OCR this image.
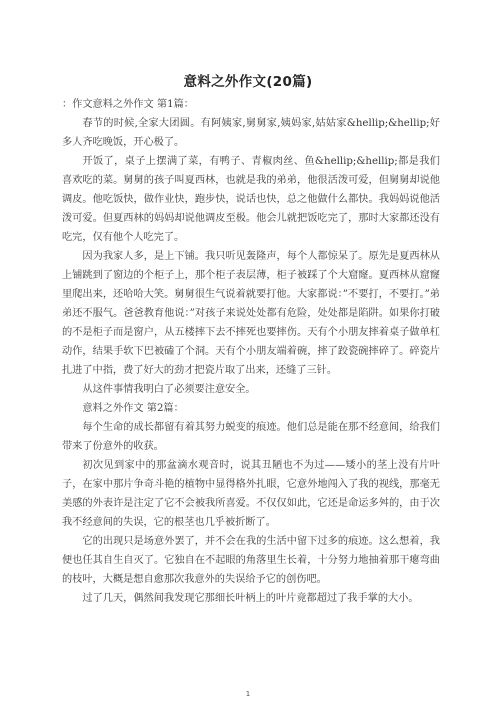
意料之外作文(20篇)

：作文意料之外作文 第1篇：

春节的时候,全家大团圆。有阿姨家,舅舅家,姨妈家,姑姑家&hellip;&hellip;好多人齐吃晚饭，开心极了。

开饭了，桌子上摆满了菜，有鸭子、青椒肉丝、鱼&hellip;&hellip;都是我们喜欢吃的菜。舅舅的孩子叫夏西林，也就是我的弟弟，他很活泼可爱，但舅舅却说他调皮。他吃饭快，做作业快，跑步快，说话也快，总之他做什么都快。我妈妈说他活泼可爱。但夏西林的妈妈却说他调皮至极。他会儿就把饭吃完了，那时大家都还没有吃完，仅有他个人吃完了。

因为我家人多，是上下铺。我只听见轰隆声，每个人都惊呆了。原先是夏西林从上铺跳到了窗边的个柜子上，那个柜子表层薄，柜子被踩了个大窟窿。夏西林从窟窿里爬出来，还哈哈大笑。舅舅很生气说着就要打他。大家都说：”不要打，不要打。”弟弟还不服气。爸爸教育他说：”对孩子来说处处都有危险，处处都是陷阱。如果你打破的不是柜子而是窗户，从五楼摔下去不摔死也要摔伤。天有个小朋友摔着桌子做单杠动作，结果手软下巴被磕了个洞。天有个小朋友端着碗，摔了跤瓷碗摔碎了。碎瓷片扎进了中指，费了好大的劲才把瓷片取了出来，还缝了三针。

从这件事情我明白了必须要注意安全。

意料之外作文 第2篇：

每个生命的成长都留有着其努力蜕变的痕迹。他们总是能在那不经意间，给我们带来了份意外的收获。

初次见到家中的那盆滴水观音时，说其丑陋也不为过——矮小的茎上没有片叶子，在家中那片争奇斗艳的植物中显得格外扎眼，它意外地闯入了我的视线，那毫无美感的外表许是注定了它不会被我所喜爱。不仅仅如此，它还是命运多舛的，由于次我不经意间的失误，它的根茎也几乎被折断了。

它的出现只是场意外罢了，并不会在我的生活中留下过多的痕迹。这么想着，我便也任其自生自灭了。它独自在不起眼的角落里生长着，十分努力地抽着那干瘪弯曲的枝叶，大概是想自愈那次我意外的失误给予它的创伤吧。

过了几天，偶然间我发现它那细长叶柄上的叶片竟都超过了我手掌的大小。

1
